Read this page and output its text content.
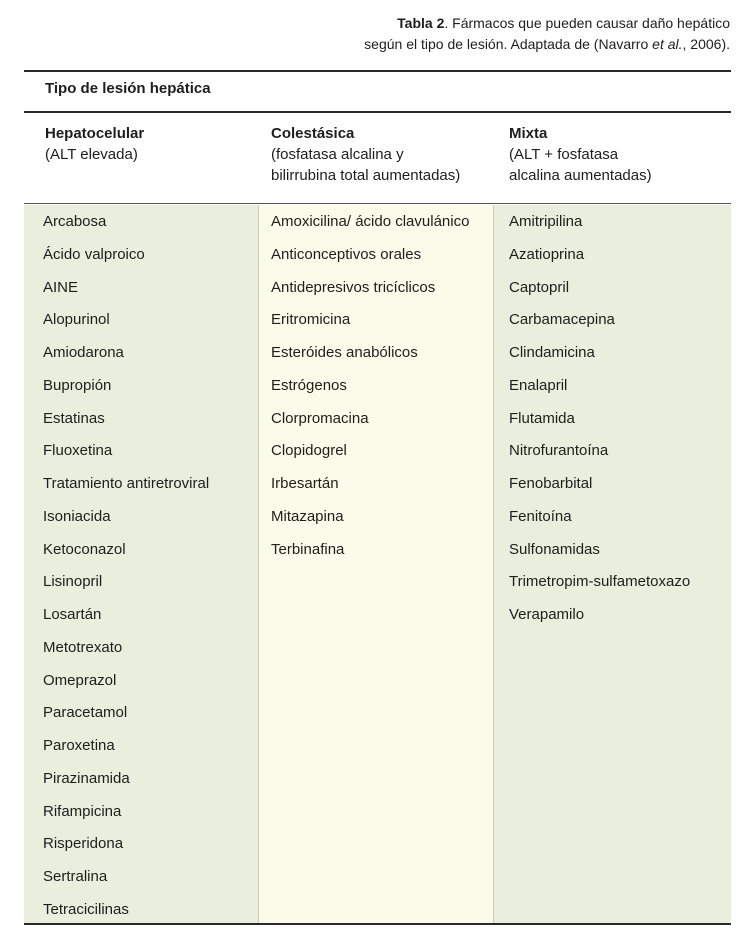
Tabla 2. Fármacos que pueden causar daño hepático
según el tipo de lesión. Adaptada de (Navarro et al., 2006).
Tipo de lesión hepática
Hepatocelular
(ALT elevada)
Colestásica
(fosfatasa alcalina y
bilirrubina total aumentadas)
Mixta
(ALT + fosfatasa
alcalina aumentadas)
Arcabosa
Ácido valproico
AINE
Alopurinol
Amiodarona
Bupropión
Estatinas
Fluoxetina
Tratamiento antiretroviral
Isoniacida
Ketoconazol
Lisinopril
Losartán
Metotrexato
Omeprazol
Paracetamol
Paroxetina
Pirazinamida
Rifampicina
Risperidona
Sertralina
Tetracicilinas
Amoxicilina/ ácido clavulánico
Anticonceptivos orales
Antidepresivos tricíclicos
Eritromicina
Esteróides anabólicos
Estrógenos
Clorpromacina
Clopidogrel
Irbesartán
Mitazapina
Terbinafina
Amitripilina
Azatioprina
Captopril
Carbamacepina
Clindamicina
Enalapril
Flutamida
Nitrofurantoína
Fenobarbital
Fenitoína
Sulfonamidas
Trimetropim-sulfametoxazo
Verapamilo
